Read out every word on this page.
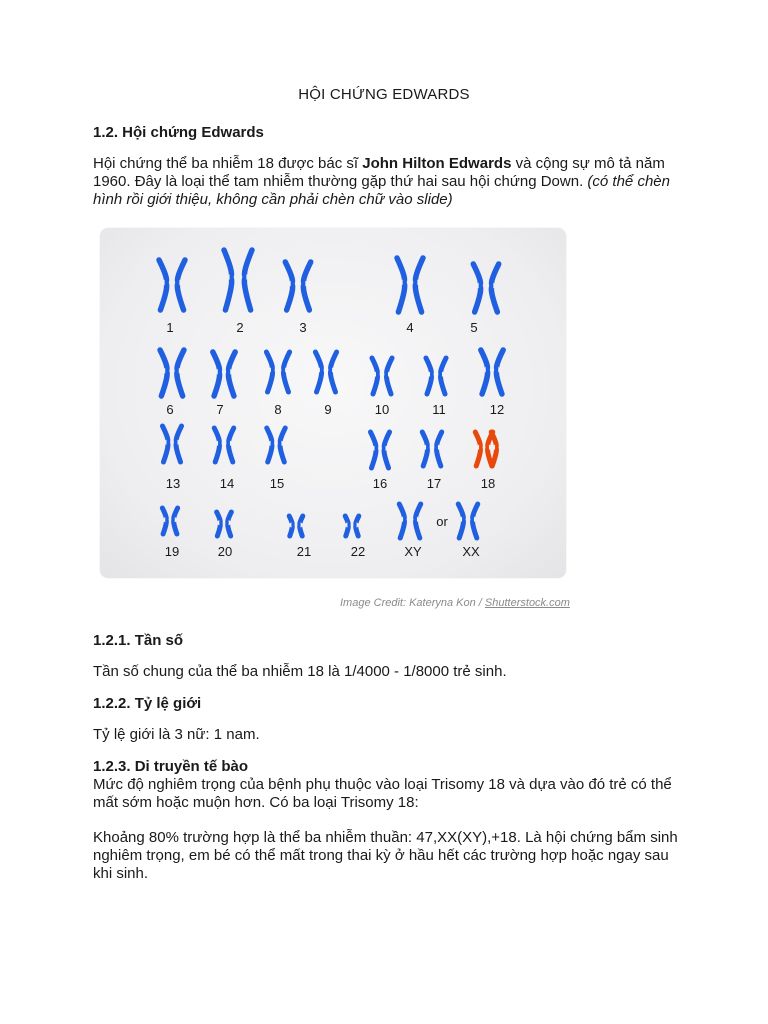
HỘI CHỨNG EDWARDS
1.2. Hội chứng Edwards
Hội chứng thể ba nhiễm 18 được bác sĩ John Hilton Edwards và cộng sự mô tả năm 1960. Đây là loại thể tam nhiễm thường gặp thứ hai sau hội chứng Down. (có thể chèn hình rồi giới thiệu, không cần phải chèn chữ vào slide)
1	2	3	4	5
6	7	8	9	10	11	12
13	14	15	16	17	18
19	20	21	22	XY	XX
or
Image Credit: Kateryna Kon / Shutterstock.com
1.2.1. Tần số
Tần số chung của thể ba nhiễm 18 là 1/4000 - 1/8000 trẻ sinh.
1.2.2. Tỷ lệ giới
Tỷ lệ giới là 3 nữ: 1 nam.
1.2.3. Di truyền tế bào
Mức độ nghiêm trọng của bệnh phụ thuộc vào loại Trisomy 18 và dựa vào đó trẻ có thể mất sớm hoặc muộn hơn. Có ba loại Trisomy 18:
Khoảng 80% trường hợp là thể ba nhiễm thuần: 47,XX(XY),+18. Là hội chứng bẩm sinh nghiêm trọng, em bé có thể mất trong thai kỳ ở hầu hết các trường hợp hoặc ngay sau khi sinh.
